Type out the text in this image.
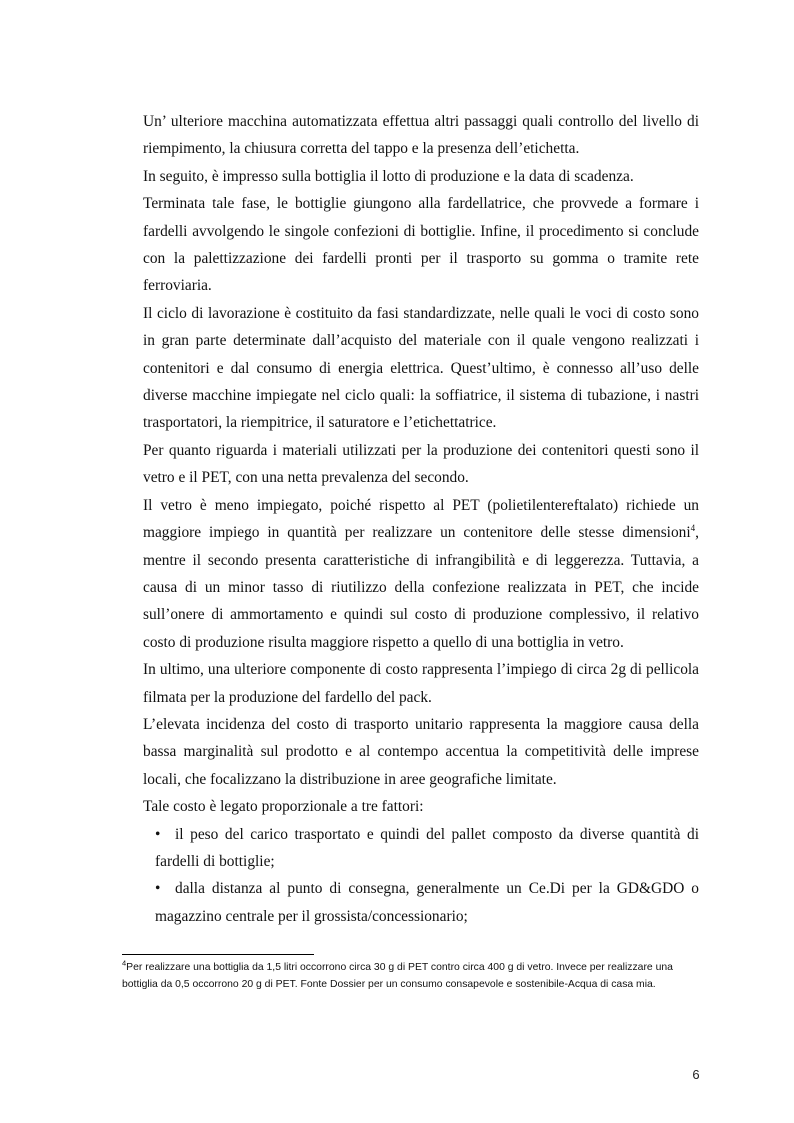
Un’ ulteriore macchina automatizzata effettua altri passaggi quali controllo del livello di riempimento, la chiusura corretta del tappo e la presenza dell’etichetta.

In seguito, è impresso sulla bottiglia il lotto di produzione e la data di scadenza.

Terminata tale fase, le bottiglie giungono alla fardellatrice, che provvede a formare i fardelli avvolgendo le singole confezioni di bottiglie. Infine, il procedimento si conclude con la palettizzazione dei fardelli pronti per il trasporto su gomma o tramite rete ferroviaria.

Il ciclo di lavorazione è costituito da fasi standardizzate, nelle quali le voci di costo sono in gran parte determinate dall’acquisto del materiale con il quale vengono realizzati i contenitori e dal consumo di energia elettrica. Quest’ultimo, è connesso all’uso delle diverse macchine impiegate nel ciclo quali: la soffiatrice, il sistema di tubazione, i nastri trasportatori, la riempitrice, il saturatore e l’etichettatrice.

Per quanto riguarda i materiali utilizzati per la produzione dei contenitori questi sono il vetro e il PET, con una netta prevalenza del secondo.

Il vetro è meno impiegato, poiché rispetto al PET (polietilentereftalato) richiede un maggiore impiego in quantità per realizzare un contenitore delle stesse dimensioni$^4$, mentre il secondo presenta caratteristiche di infrangibilità e di leggerezza. Tuttavia, a causa di un minor tasso di riutilizzo della confezione realizzata in PET, che incide sull’onere di ammortamento e quindi sul costo di produzione complessivo, il relativo costo di produzione risulta maggiore rispetto a quello di una bottiglia in vetro.

In ultimo, una ulteriore componente di costo rappresenta l’impiego di circa 2g di pellicola filmata per la produzione del fardello del pack.

L’elevata incidenza del costo di trasporto unitario rappresenta la maggiore causa della bassa marginalità sul prodotto e al contempo accentua la competitività delle imprese locali, che focalizzano la distribuzione in aree geografiche limitate.

Tale costo è legato proporzionale a tre fattori:

• il peso del carico trasportato e quindi del pallet composto da diverse quantità di fardelli di bottiglie;

• dalla distanza al punto di consegna, generalmente un Ce.Di per la GD&GDO o magazzino centrale per il grossista/concessionario;

$^4$Per realizzare una bottiglia da 1,5 litri occorrono circa 30 g di PET contro circa 400 g di vetro. Invece per realizzare una bottiglia da 0,5 occorrono 20 g di PET. Fonte Dossier per un consumo consapevole e sostenibile-Acqua di casa mia.
6
